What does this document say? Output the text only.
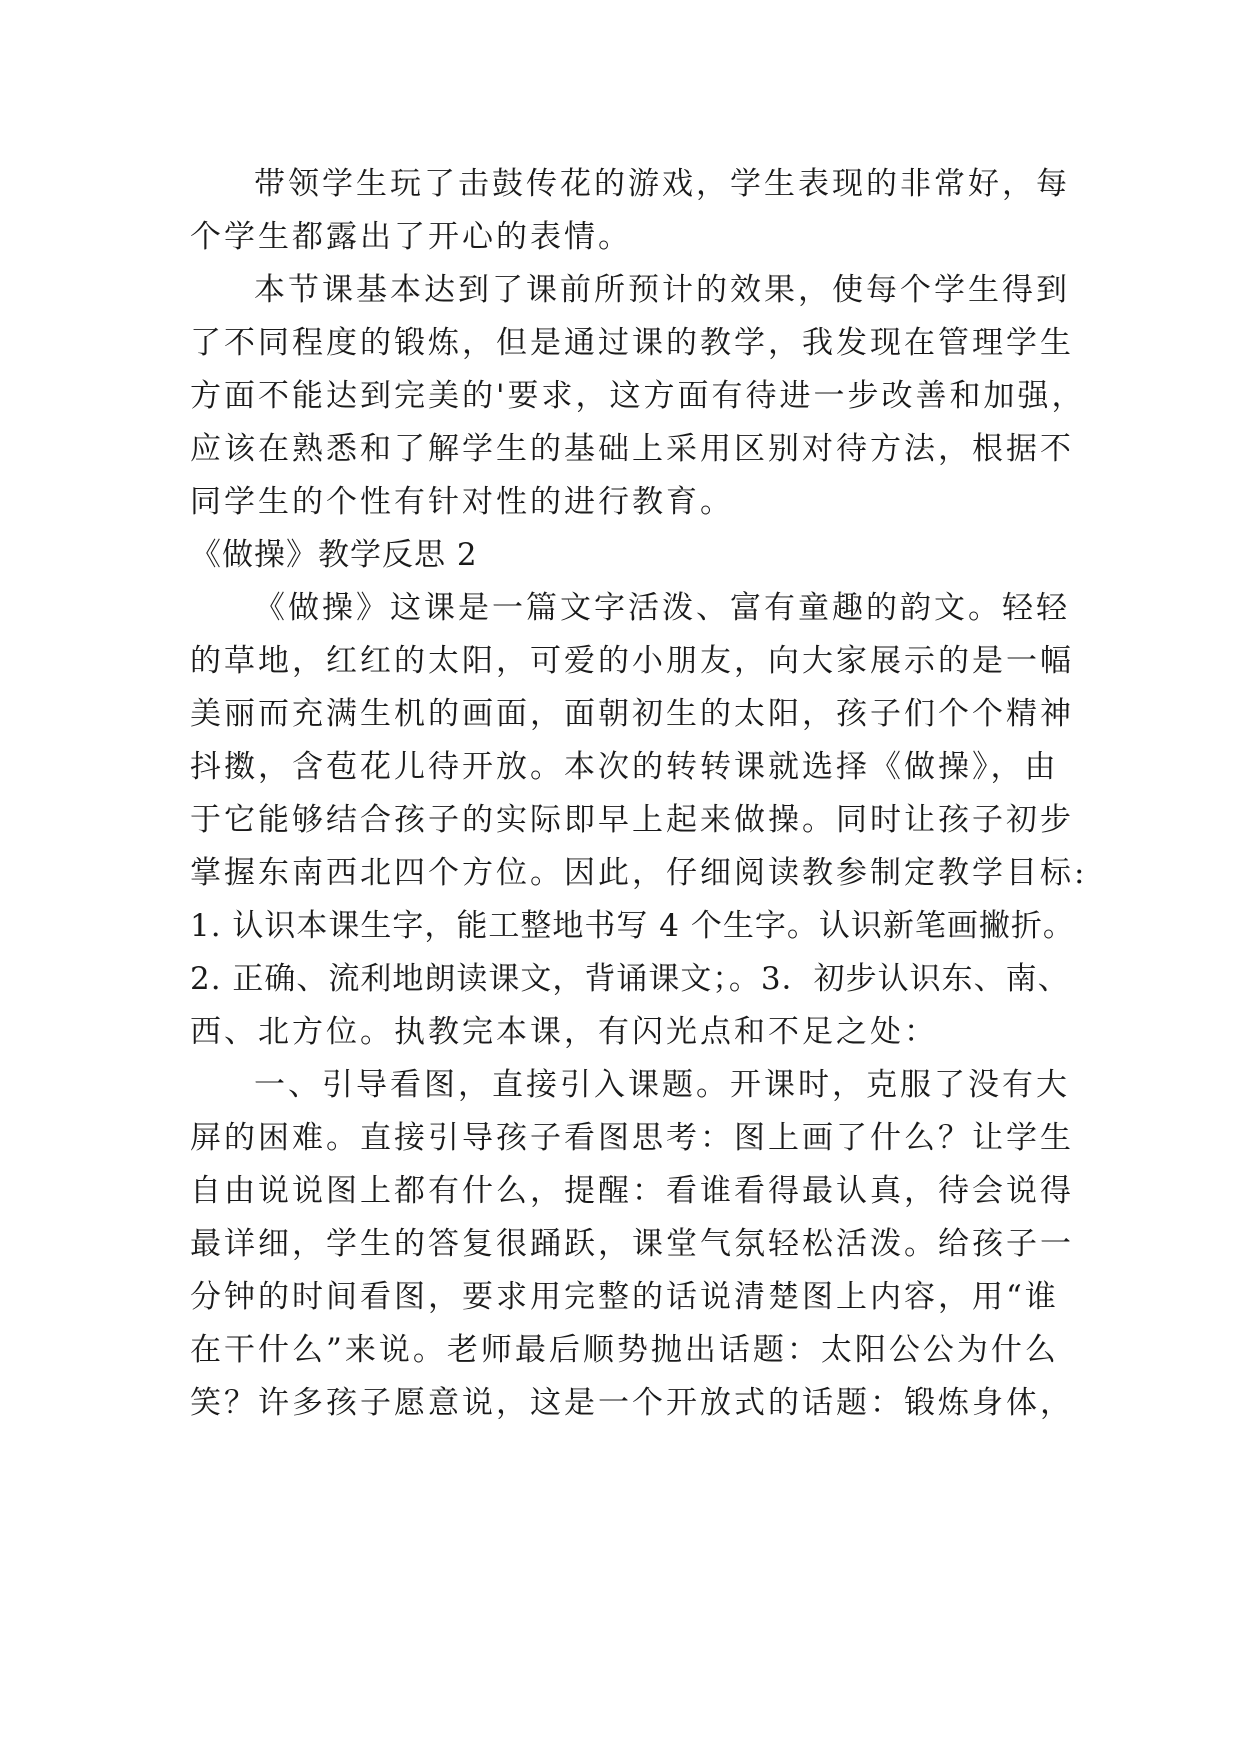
带领学生玩了击鼓传花的游戏，学生表现的非常好，每
个学生都露出了开心的表情。
本节课基本达到了课前所预计的效果，使每个学生得到
了不同程度的锻炼，但是通过课的教学，我发现在管理学生
方面不能达到完美的'要求，这方面有待进一步改善和加强，
应该在熟悉和了解学生的基础上采用区别对待方法，根据不
同学生的个性有针对性的进行教育。
《做操》教学反思 2
《做操》这课是一篇文字活泼、富有童趣的韵文。轻轻
的草地，红红的太阳，可爱的小朋友，向大家展示的是一幅
美丽而充满生机的画面，面朝初生的太阳，孩子们个个精神
抖擞，含苞花儿待开放。本次的转转课就选择《做操》，由
于它能够结合孩子的实际即早上起来做操。同时让孩子初步
掌握东南西北四个方位。因此，仔细阅读教参制定教学目标:
1. 认识本课生字，能工整地书写 4 个生字。认识新笔画撇折。
2. 正确、流利地朗读课文，背诵课文；。3．初步认识东、南、
西、北方位。执教完本课，有闪光点和不足之处：
一、引导看图，直接引入课题。开课时，克服了没有大
屏的困难。直接引导孩子看图思考：图上画了什么？让学生
自由说说图上都有什么，提醒：看谁看得最认真，待会说得
最详细，学生的答复很踊跃，课堂气氛轻松活泼。给孩子一
分钟的时间看图，要求用完整的话说清楚图上内容，用“谁
在干什么”来说。老师最后顺势抛出话题：太阳公公为什么
笑？许多孩子愿意说，这是一个开放式的话题：锻炼身体，
